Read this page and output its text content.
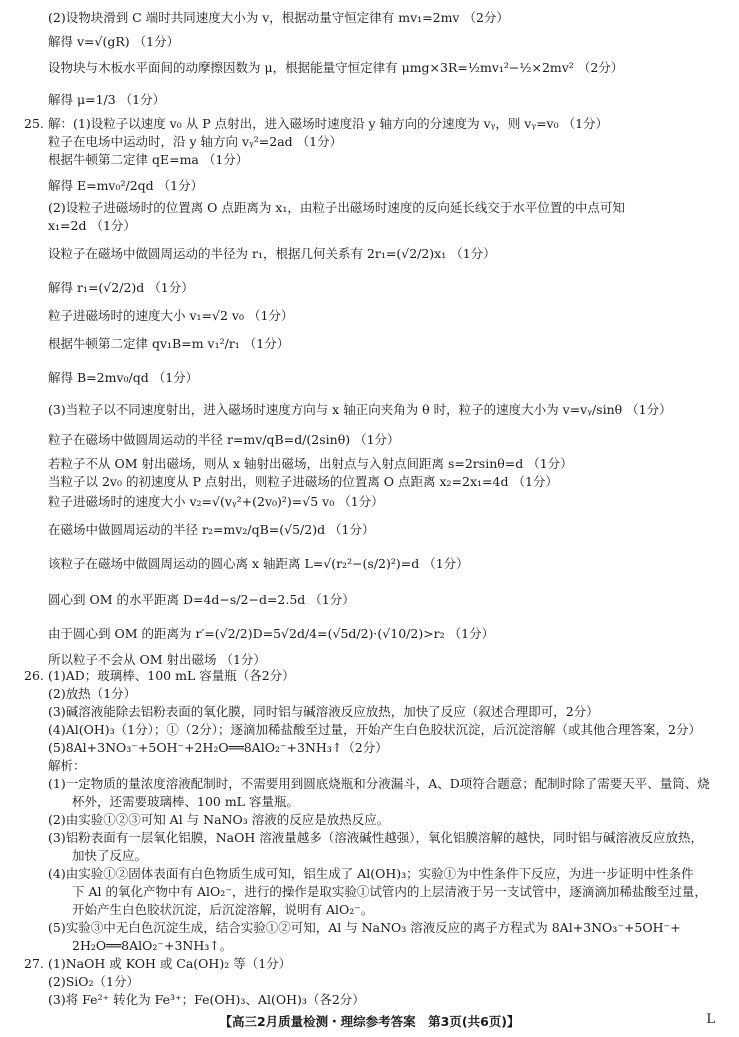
(2)设物块滑到 C 端时共同速度大小为 v，根据动量守恒定律有 mv₁=2mv （2分）
解得 v=√(gR) （1分）
设物块与木板水平面间的动摩擦因数为 μ，根据能量守恒定律有 μmg×3R=½mv₁²−½×2mv² （2分）
解得 μ=1/3 （1分）
25. 解：(1)设粒子以速度 v₀ 从 P 点射出，进入磁场时速度沿 y 轴方向的分速度为 vᵧ，则 vᵧ=v₀ （1分）
粒子在电场中运动时，沿 y 轴方向 vᵧ²=2ad （1分）
根据牛顿第二定律 qE=ma （1分）
解得 E=mv₀²/2qd （1分）
(2)设粒子进磁场时的位置离 O 点距离为 x₁，由粒子出磁场时速度的反向延长线交于水平位置的中点可知
x₁=2d （1分）
设粒子在磁场中做圆周运动的半径为 r₁，根据几何关系有 2r₁=(√2/2)x₁ （1分）
解得 r₁=(√2/2)d （1分）
粒子进磁场时的速度大小 v₁=√2 v₀ （1分）
根据牛顿第二定律 qv₁B=m v₁²/r₁ （1分）
解得 B=2mv₀/qd （1分）
(3)当粒子以不同速度射出，进入磁场时速度方向与 x 轴正向夹角为 θ 时，粒子的速度大小为 v=vᵧ/sinθ （1分）
粒子在磁场中做圆周运动的半径 r=mv/qB=d/(2sinθ) （1分）
若粒子不从 OM 射出磁场，则从 x 轴射出磁场，出射点与入射点间距离 s=2rsinθ=d （1分）
当粒子以 2v₀ 的初速度从 P 点射出，则粒子进磁场的位置离 O 点距离 x₂=2x₁=4d （1分）
粒子进磁场时的速度大小 v₂=√(vᵧ²+(2v₀)²)=√5 v₀ （1分）
在磁场中做圆周运动的半径 r₂=mv₂/qB=(√5/2)d （1分）
该粒子在磁场中做圆周运动的圆心离 x 轴距离 L=√(r₂²−(s/2)²)=d （1分）
圆心到 OM 的水平距离 D=4d−s/2−d=2.5d （1分）
由于圆心到 OM 的距离为 r′=(√2/2)D=5√2d/4=(√5d/2)·(√10/2)>r₂ （1分）
所以粒子不会从 OM 射出磁场 （1分）
26. (1)AD；玻璃棒、100 mL 容量瓶（各2分）
(2)放热（1分）
(3)碱溶液能除去铝粉表面的氧化膜，同时铝与碱溶液反应放热，加快了反应（叙述合理即可，2分）
(4)Al(OH)₃（1分）；①（2分）；逐滴加稀盐酸至过量，开始产生白色胶状沉淀，后沉淀溶解（或其他合理答案，2分）
(5)8Al+3NO₃⁻+5OH⁻+2H₂O══8AlO₂⁻+3NH₃↑（2分）
解析：
(1)一定物质的量浓度溶液配制时，不需要用到圆底烧瓶和分液漏斗，A、D项符合题意；配制时除了需要天平、量筒、烧
杯外，还需要玻璃棒、100 mL 容量瓶。
(2)由实验①②③可知 Al 与 NaNO₃ 溶液的反应是放热反应。
(3)铝粉表面有一层氧化铝膜，NaOH 溶液量越多（溶液碱性越强），氧化铝膜溶解的越快，同时铝与碱溶液反应放热，
加快了反应。
(4)由实验①②固体表面有白色物质生成可知，铝生成了 Al(OH)₃；实验①为中性条件下反应，为进一步证明中性条件
下 Al 的氧化产物中有 AlO₂⁻，进行的操作是取实验①试管内的上层清液于另一支试管中，逐滴滴加稀盐酸至过量，
开始产生白色胶状沉淀，后沉淀溶解，说明有 AlO₂⁻。
(5)实验③中无白色沉淀生成，结合实验①②可知，Al 与 NaNO₃ 溶液反应的离子方程式为 8Al+3NO₃⁻+5OH⁻+
2H₂O══8AlO₂⁻+3NH₃↑。
27. (1)NaOH 或 KOH 或 Ca(OH)₂ 等（1分）
(2)SiO₂（1分）
(3)将 Fe²⁺ 转化为 Fe³⁺；Fe(OH)₃、Al(OH)₃（各2分）
【高三2月质量检测・理综参考答案　第3页(共6页)】	L
